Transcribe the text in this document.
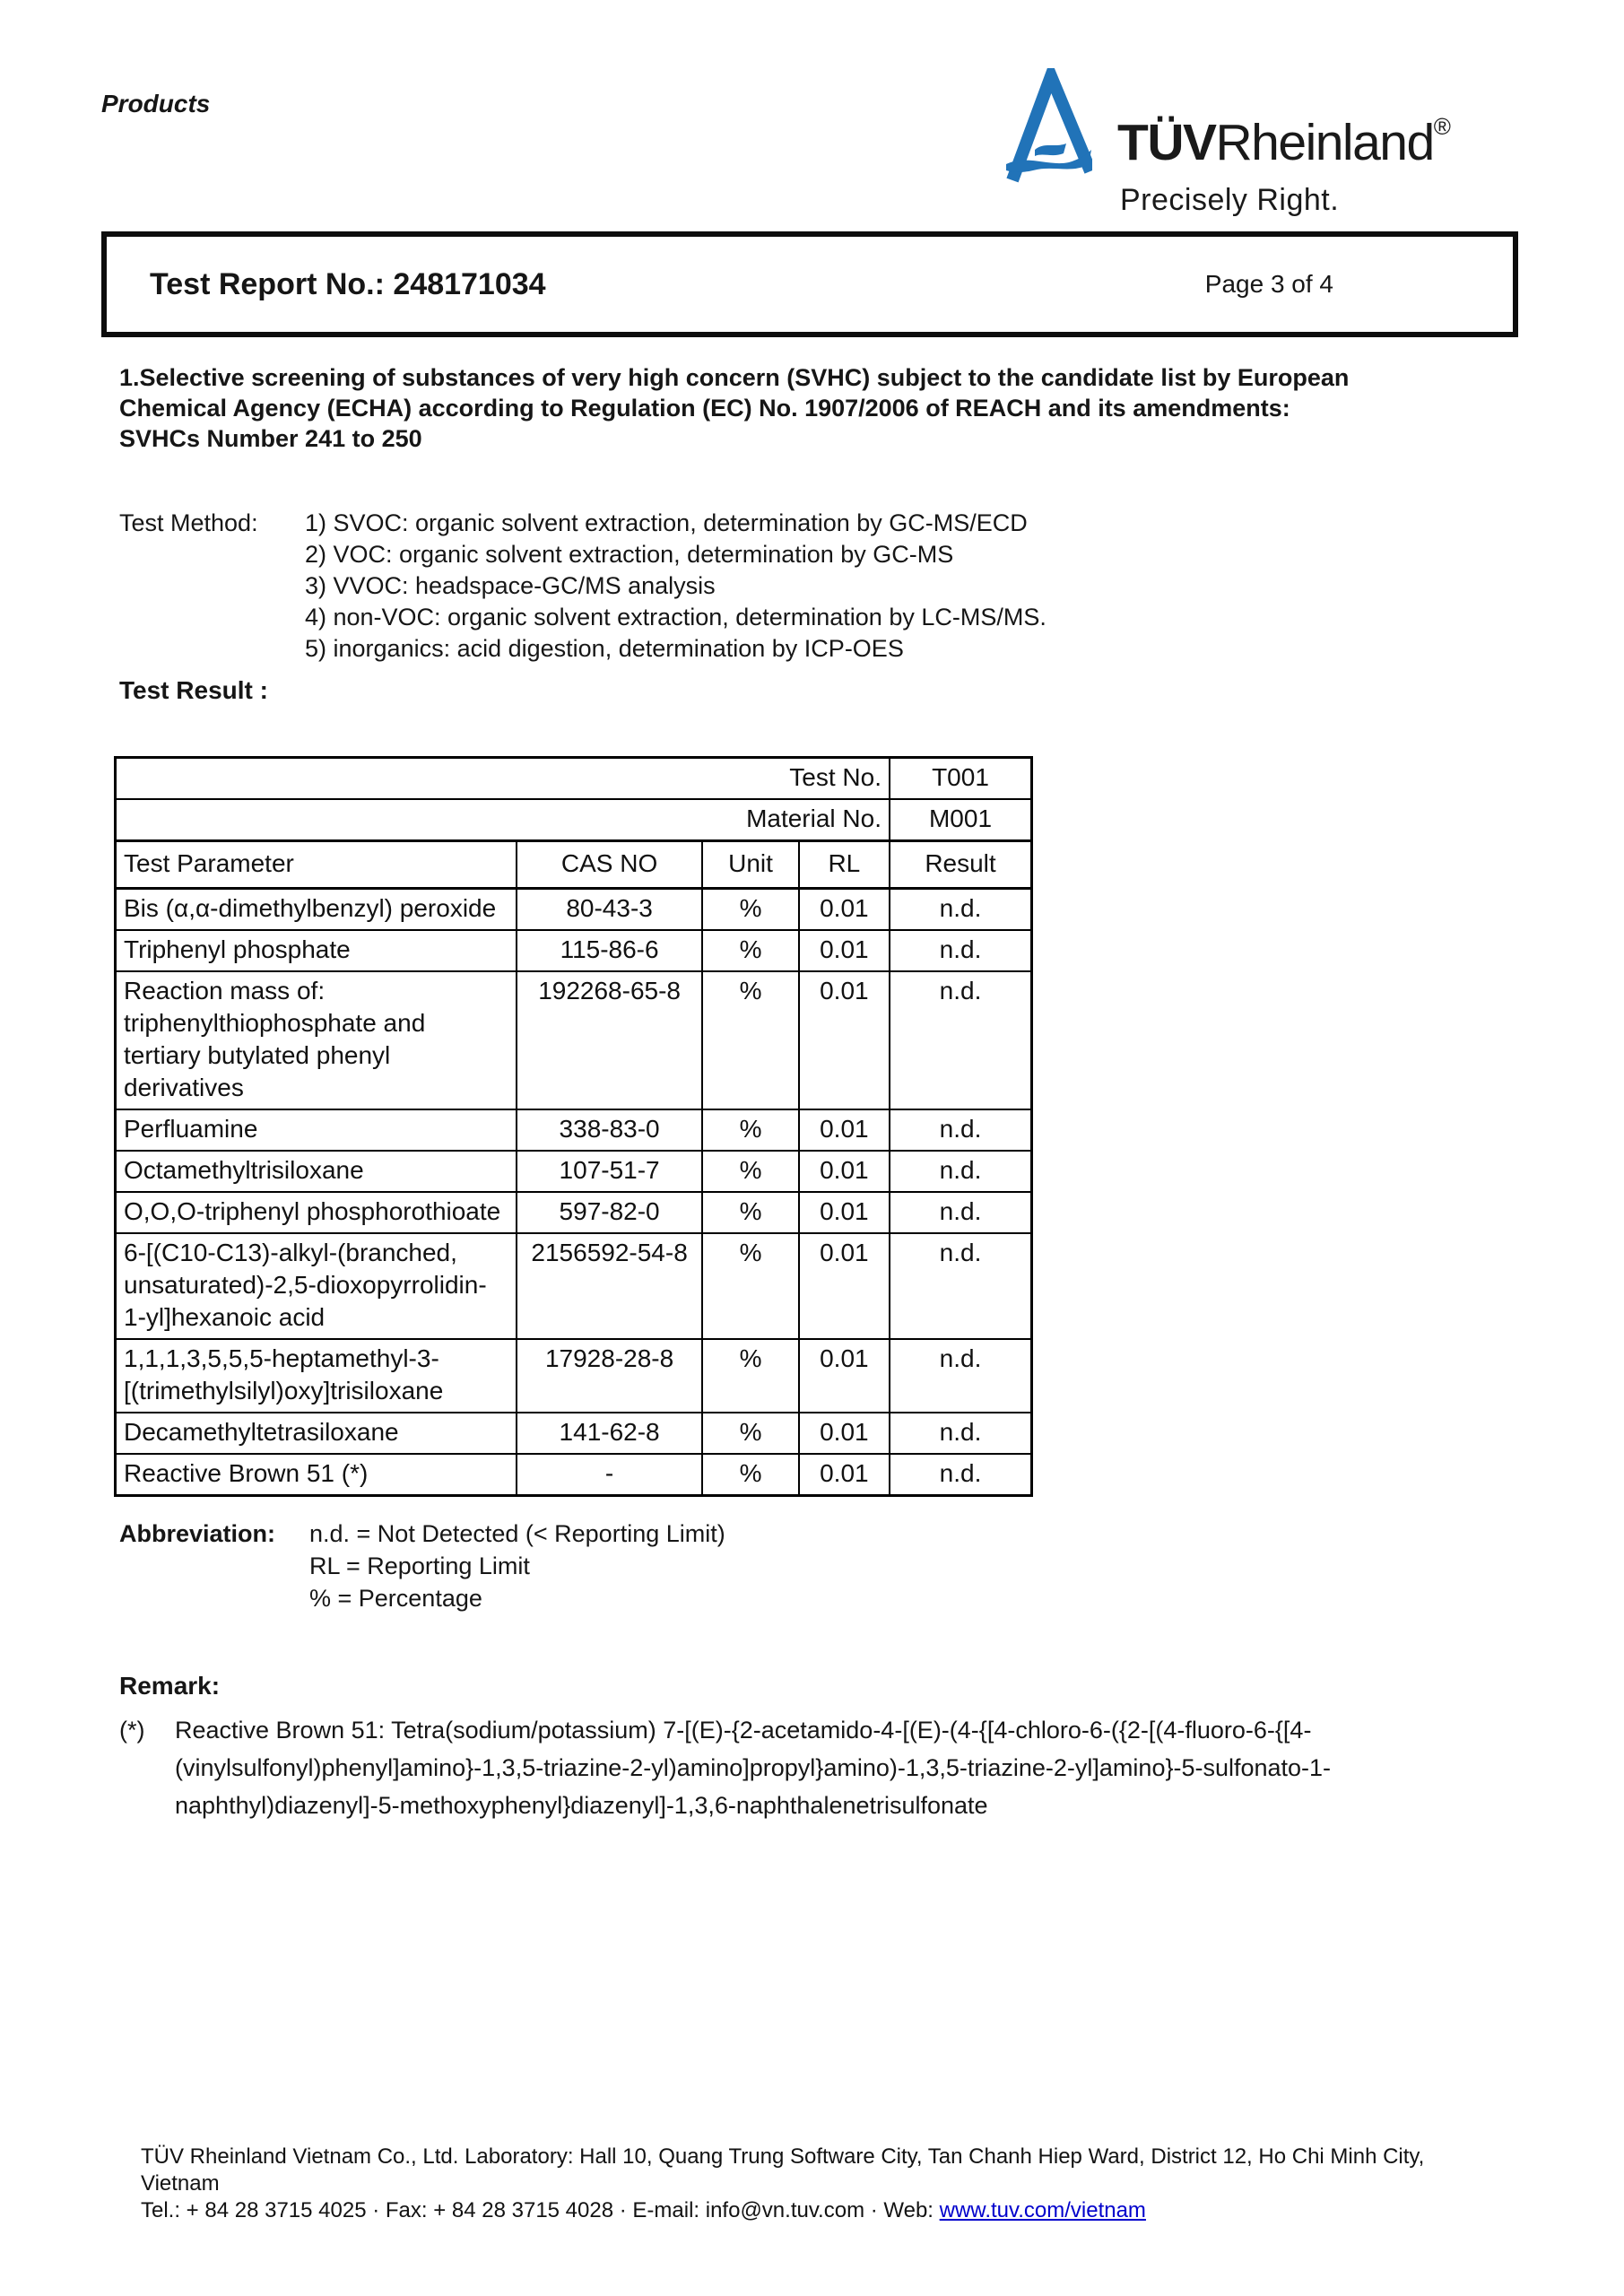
Products
TÜVRheinland®
Precisely Right.
Test Report No.: 248171034	Page 3 of 4
1.Selective screening of substances of very high concern (SVHC) subject to the candidate list by European Chemical Agency (ECHA) according to Regulation (EC) No. 1907/2006 of REACH and its amendments:
SVHCs Number 241 to 250
Test Method:	1) SVOC: organic solvent extraction, determination by GC-MS/ECD
2) VOC: organic solvent extraction, determination by GC-MS
3) VVOC: headspace-GC/MS analysis
4) non-VOC: organic solvent extraction, determination by LC-MS/MS.
5) inorganics: acid digestion, determination by ICP-OES
Test Result :
Test No.				T001
Material No.				M001
Test Parameter	CAS NO	Unit	RL	Result
Bis (α,α-dimethylbenzyl) peroxide	80-43-3	%	0.01	n.d.
Triphenyl phosphate	115-86-6	%	0.01	n.d.
Reaction mass of: triphenylthiophosphate and tertiary butylated phenyl derivatives	192268-65-8	%	0.01	n.d.
Perfluamine	338-83-0	%	0.01	n.d.
Octamethyltrisiloxane	107-51-7	%	0.01	n.d.
O,O,O-triphenyl phosphorothioate	597-82-0	%	0.01	n.d.
6-[(C10-C13)-alkyl-(branched, unsaturated)-2,5-dioxopyrrolidin-1-yl]hexanoic acid	2156592-54-8	%	0.01	n.d.
1,1,1,3,5,5,5-heptamethyl-3-[(trimethylsilyl)oxy]trisiloxane	17928-28-8	%	0.01	n.d.
Decamethyltetrasiloxane	141-62-8	%	0.01	n.d.
Reactive Brown 51 (*)	-	%	0.01	n.d.
Abbreviation:	n.d. = Not Detected (< Reporting Limit)
RL = Reporting Limit
% = Percentage
Remark:
(*)	Reactive Brown 51: Tetra(sodium/potassium) 7-[(E)-{2-acetamido-4-[(E)-(4-{[4-chloro-6-({2-[(4-fluoro-6-{[4-(vinylsulfonyl)phenyl]amino}-1,3,5-triazine-2-yl)amino]propyl}amino)-1,3,5-triazine-2-yl]amino}-5-sulfonato-1-naphthyl)diazenyl]-5-methoxyphenyl}diazenyl]-1,3,6-naphthalenetrisulfonate
TÜV Rheinland Vietnam Co., Ltd. Laboratory: Hall 10, Quang Trung Software City, Tan Chanh Hiep Ward, District 12, Ho Chi Minh City, Vietnam
Tel.: + 84 28 3715 4025 · Fax: + 84 28 3715 4028 · E-mail: info@vn.tuv.com · Web: www.tuv.com/vietnam
